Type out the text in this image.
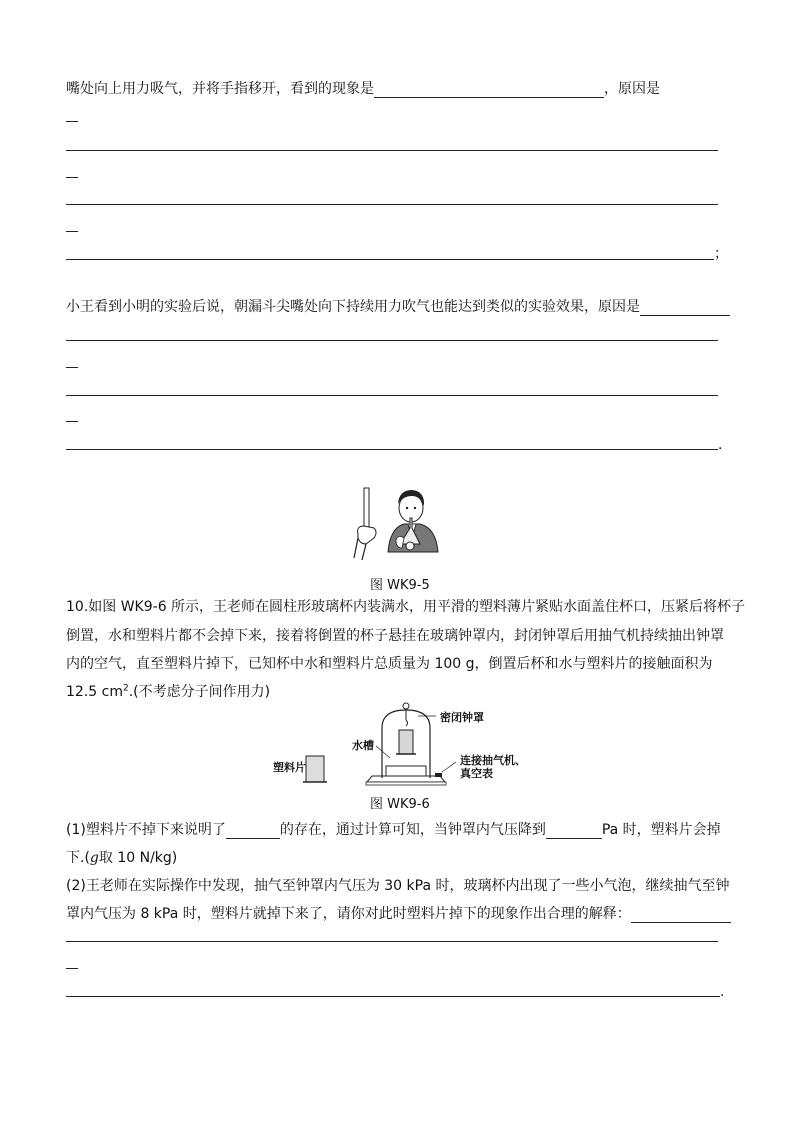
嘴处向上用力吸气，并将手指移开，看到的现象是	，原因是
；
小王看到小明的实验后说，朝漏斗尖嘴处向下持续用力吹气也能达到类似的实验效果，原因是
.
图 WK9-5
10.如图 WK9-6 所示，王老师在圆柱形玻璃杯内装满水，用平滑的塑料薄片紧贴水面盖住杯口，压紧后将杯子
倒置，水和塑料片都不会掉下来，接着将倒置的杯子悬挂在玻璃钟罩内，封闭钟罩后用抽气机持续抽出钟罩
内的空气，直至塑料片掉下，已知杯中水和塑料片总质量为 100 g，倒置后杯和水与塑料片的接触面积为
12.5 $cm^2$.(不考虑分子间作用力)
密闭钟罩
水槽
塑料片
连接抽气机、
真空表
图 WK9-6
(1)塑料片不掉下来说明了	的存在，通过计算可知，当钟罩内气压降到	Pa 时，塑料片会掉
下.(g取 10 N/kg)
(2)王老师在实际操作中发现，抽气至钟罩内气压为 30 kPa 时，玻璃杯内出现了一些小气泡，继续抽气至钟
罩内气压为 8 kPa 时，塑料片就掉下来了，请你对此时塑料片掉下的现象作出合理的解释：
.
